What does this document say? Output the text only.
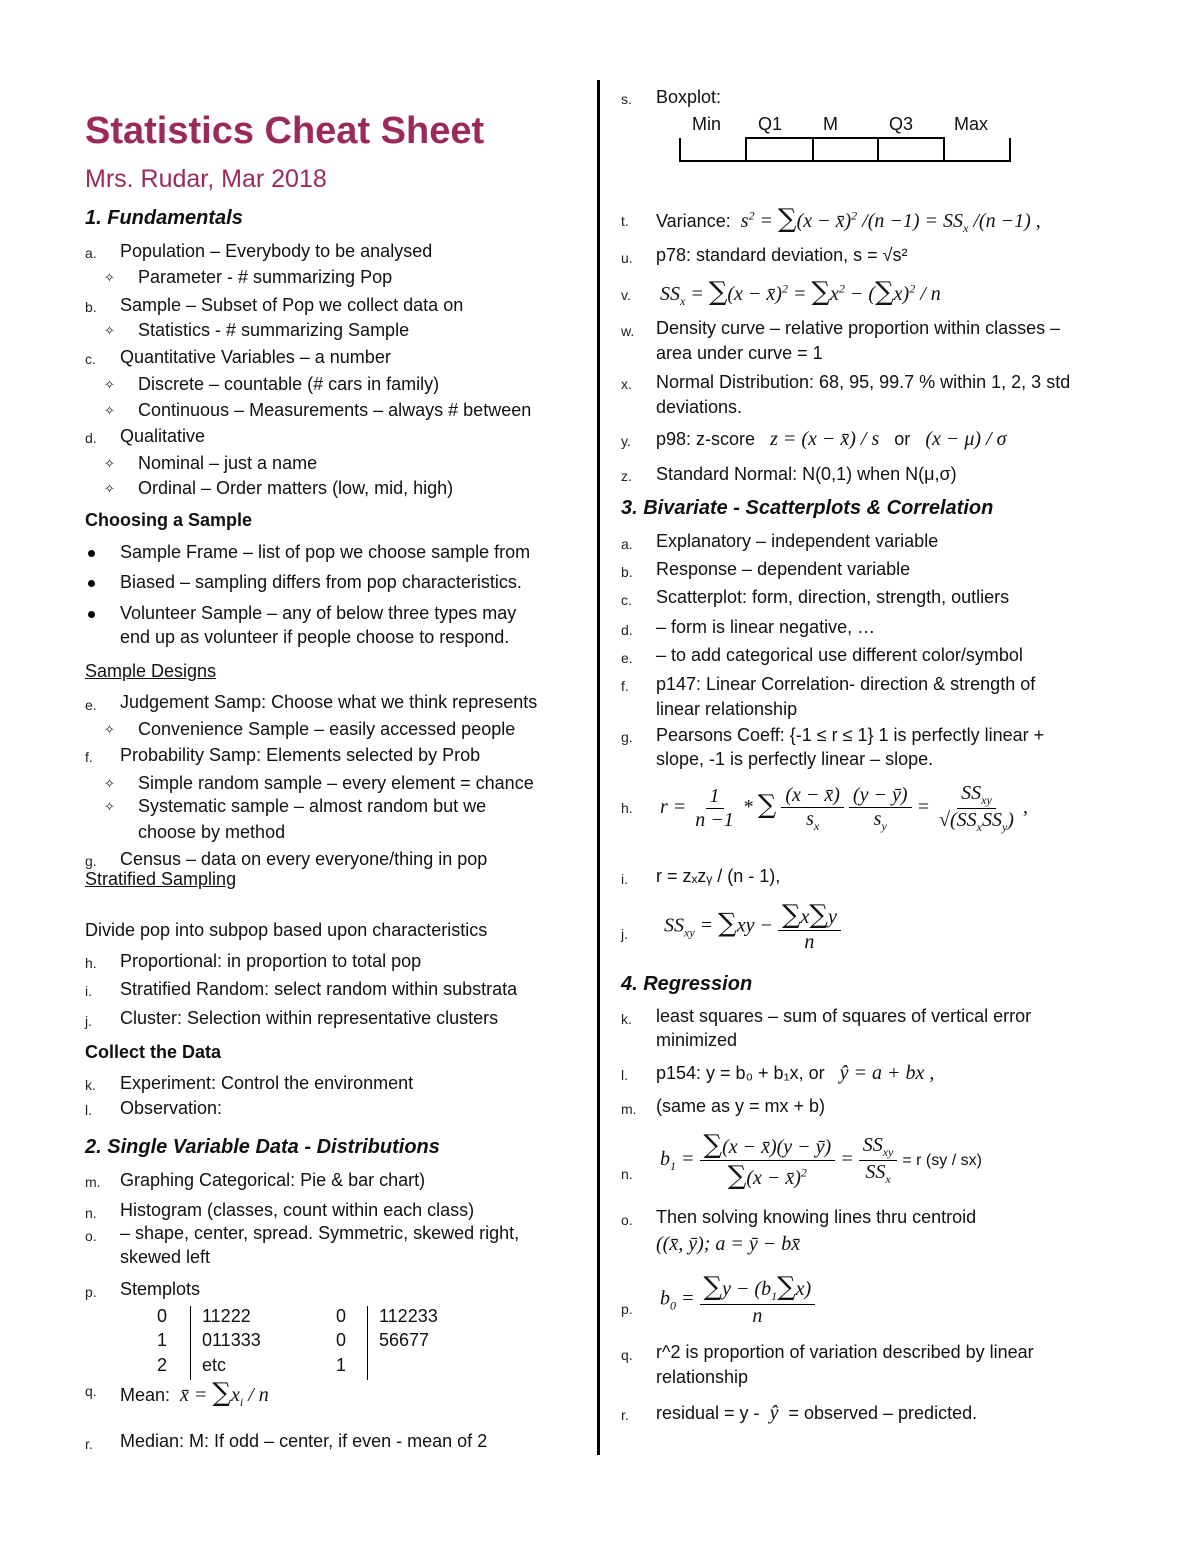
Statistics Cheat Sheet
Mrs. Rudar, Mar 2018
1. Fundamentals
a. Population – Everybody to be analysed
✧ Parameter - # summarizing Pop
b. Sample – Subset of Pop we collect data on
✧ Statistics - # summarizing Sample
c. Quantitative Variables – a number
✧ Discrete – countable (# cars in family)
✧ Continuous – Measurements – always # between
d. Qualitative
✧ Nominal – just a name
✧ Ordinal – Order matters (low, mid, high)
Choosing a Sample
Sample Frame – list of pop we choose sample from
Biased – sampling differs from pop characteristics.
Volunteer Sample – any of below three types may
end up as volunteer if people choose to respond.
Sample Designs
e. Judgement Samp: Choose what we think represents
✧ Convenience Sample – easily accessed people
f. Probability Samp: Elements selected by Prob
✧ Simple random sample – every element = chance
✧ Systematic sample – almost random but we
choose by method
g. Census – data on every everyone/thing in pop
Stratified Sampling
Divide pop into subpop based upon characteristics
h. Proportional: in proportion to total pop
i. Stratified Random: select random within substrata
j. Cluster: Selection within representative clusters
Collect the Data
k. Experiment: Control the environment
l. Observation:
2. Single Variable Data - Distributions
m. Graphing Categorical: Pie & bar chart)
n. Histogram (classes, count within each class)
o. – shape, center, spread. Symmetric, skewed right,
skewed left
p. Stemplots
0 11222
1 011333
2 etc
0 112233
0 56677
1
q. Mean:  x̄ = $\sum x_i$ / n
r. Median: M: If odd – center, if even - mean of 2
s. Boxplot:
Min Q1 M	Q3 Max
t. Variance:  $s^2 = \sum(x$ − x̄)$^2$ $/(n -1) = SS_x$ /(n −1) ,
u. p78: standard deviation, s = √s²
v. $SS_x = \sum(x$ − x̄)$^2$ = $\sum x^2 - (\sum x)^2 / n$
w. Density curve – relative proportion within classes –
area under curve = 1
x. Normal Distribution: 68, 95, 99.7 % within 1, 2, 3 std
deviations.
y. p98: z-score   z = (x − x̄) / s   or   (x − μ) / σ
z. Standard Normal: N(0,1) when N(μ,σ)
3. Bivariate - Scatterplots & Correlation
a. Explanatory – independent variable
b. Response – dependent variable
c. Scatterplot: form, direction, strength, outliers
d. – form is linear negative, …
e. – to add categorical use different color/symbol
f. p147: Linear Correlation- direction & strength of
linear relationship
g. Pearsons Coeff: {-1 ≤ r ≤ 1} 1 is perfectly linear +
slope, -1 is perfectly linear – slope.
h. $r = \frac{1}{n -1}$ * ∑ $\frac{(x - x̄)}{s_x}$
$\frac{(y - ȳ)}{s_y} = \frac{SS_{xy}}{√(SS_xSS_y)}$ ,
i. r = zₓzᵧ / (n - 1),
j. $SS_{xy} = \sum xy - \frac{\sum x\sum y}{n}$
4. Regression
k. least squares – sum of squares of vertical error
minimized
l. p154: y = b₀ + b₁x, or   ŷ = a + bx ,
m. (same as y = mx + b)
n.
$b_1 = \frac{\sum(x - x̄)(y - ȳ)}{\sum(x - x̄)^2} = \frac{SS_{xy}}{SS_x} = r$ (sy / sx)
o. Then solving knowing lines thru centroid
((x̄, ȳ); a = ȳ − bx̄
p. $b_0 = \frac{\sum y - (b_1\sum x)}{n}$
q. r^2 is proportion of variation described by linear
relationship
r. residual = y -  ŷ  = observed – predicted.
